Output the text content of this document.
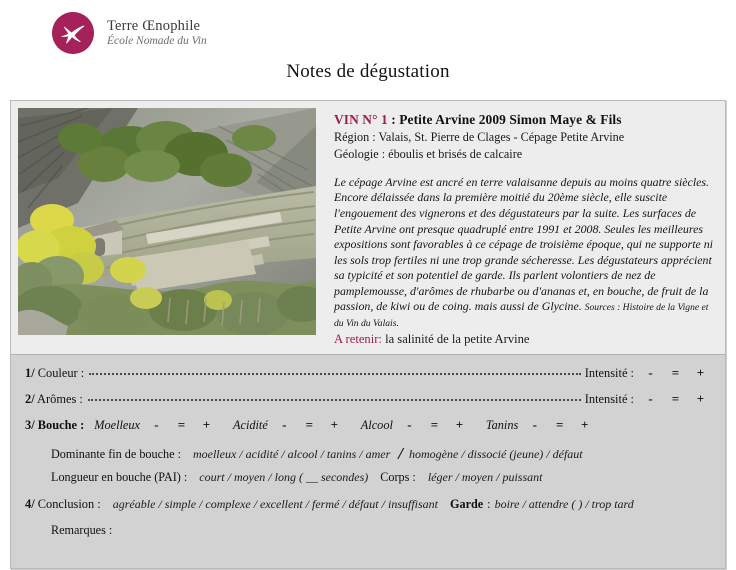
Terre Œnophile
École Nomade du Vin
Notes de dégustation
VIN N° 1 : Petite Arvine 2009 Simon Maye & Fils
Région : Valais, St. Pierre de Clages - Cépage Petite Arvine
Géologie : éboulis et brisés de calcaire
Le cépage Arvine est ancré en terre valaisanne depuis au moins quatre siècles. Encore délaissée dans la première moitié du 20ème siècle, elle suscite l'engouement des vignerons et des dégustateurs par la suite. Les surfaces de Petite Arvine ont presque quadruplé entre 1991 et 2008. Seules les meilleures expositions sont favorables à ce cépage de troisième époque, qui ne supporte ni les sols trop fertiles ni une trop grande sécheresse. Les dégustateurs apprécient sa typicité et son potentiel de garde. Ils parlent volontiers de nez de pamplemousse, d'arômes de rhubarbe ou d'ananas et, en bouche, de fruit de la passion, de kiwi ou de coing. mais aussi de Glycine. Sources : Histoire de la Vigne et du Vin du Valais.
A retenir: la salinité de la petite Arvine
1/ Couleur :	Intensité :	-	=	+
2/ Arômes :	Intensité :	-	=	+
3/ Bouche : Moelleux	-	=	+	Acidité	-	=	+	Alcool	-	=	+	Tanins	-	=	+
Dominante fin de bouche : moelleux / acidité / alcool / tanins / amer / homogène / dissocié (jeune) / défaut
Longueur en bouche (PAI) : court / moyen / long ( __ secondes) Corps : léger / moyen / puissant
4/ Conclusion : agréable / simple / complexe / excellent / fermé / défaut / insuffisant Garde : boire / attendre ( ) / trop tard
Remarques :
